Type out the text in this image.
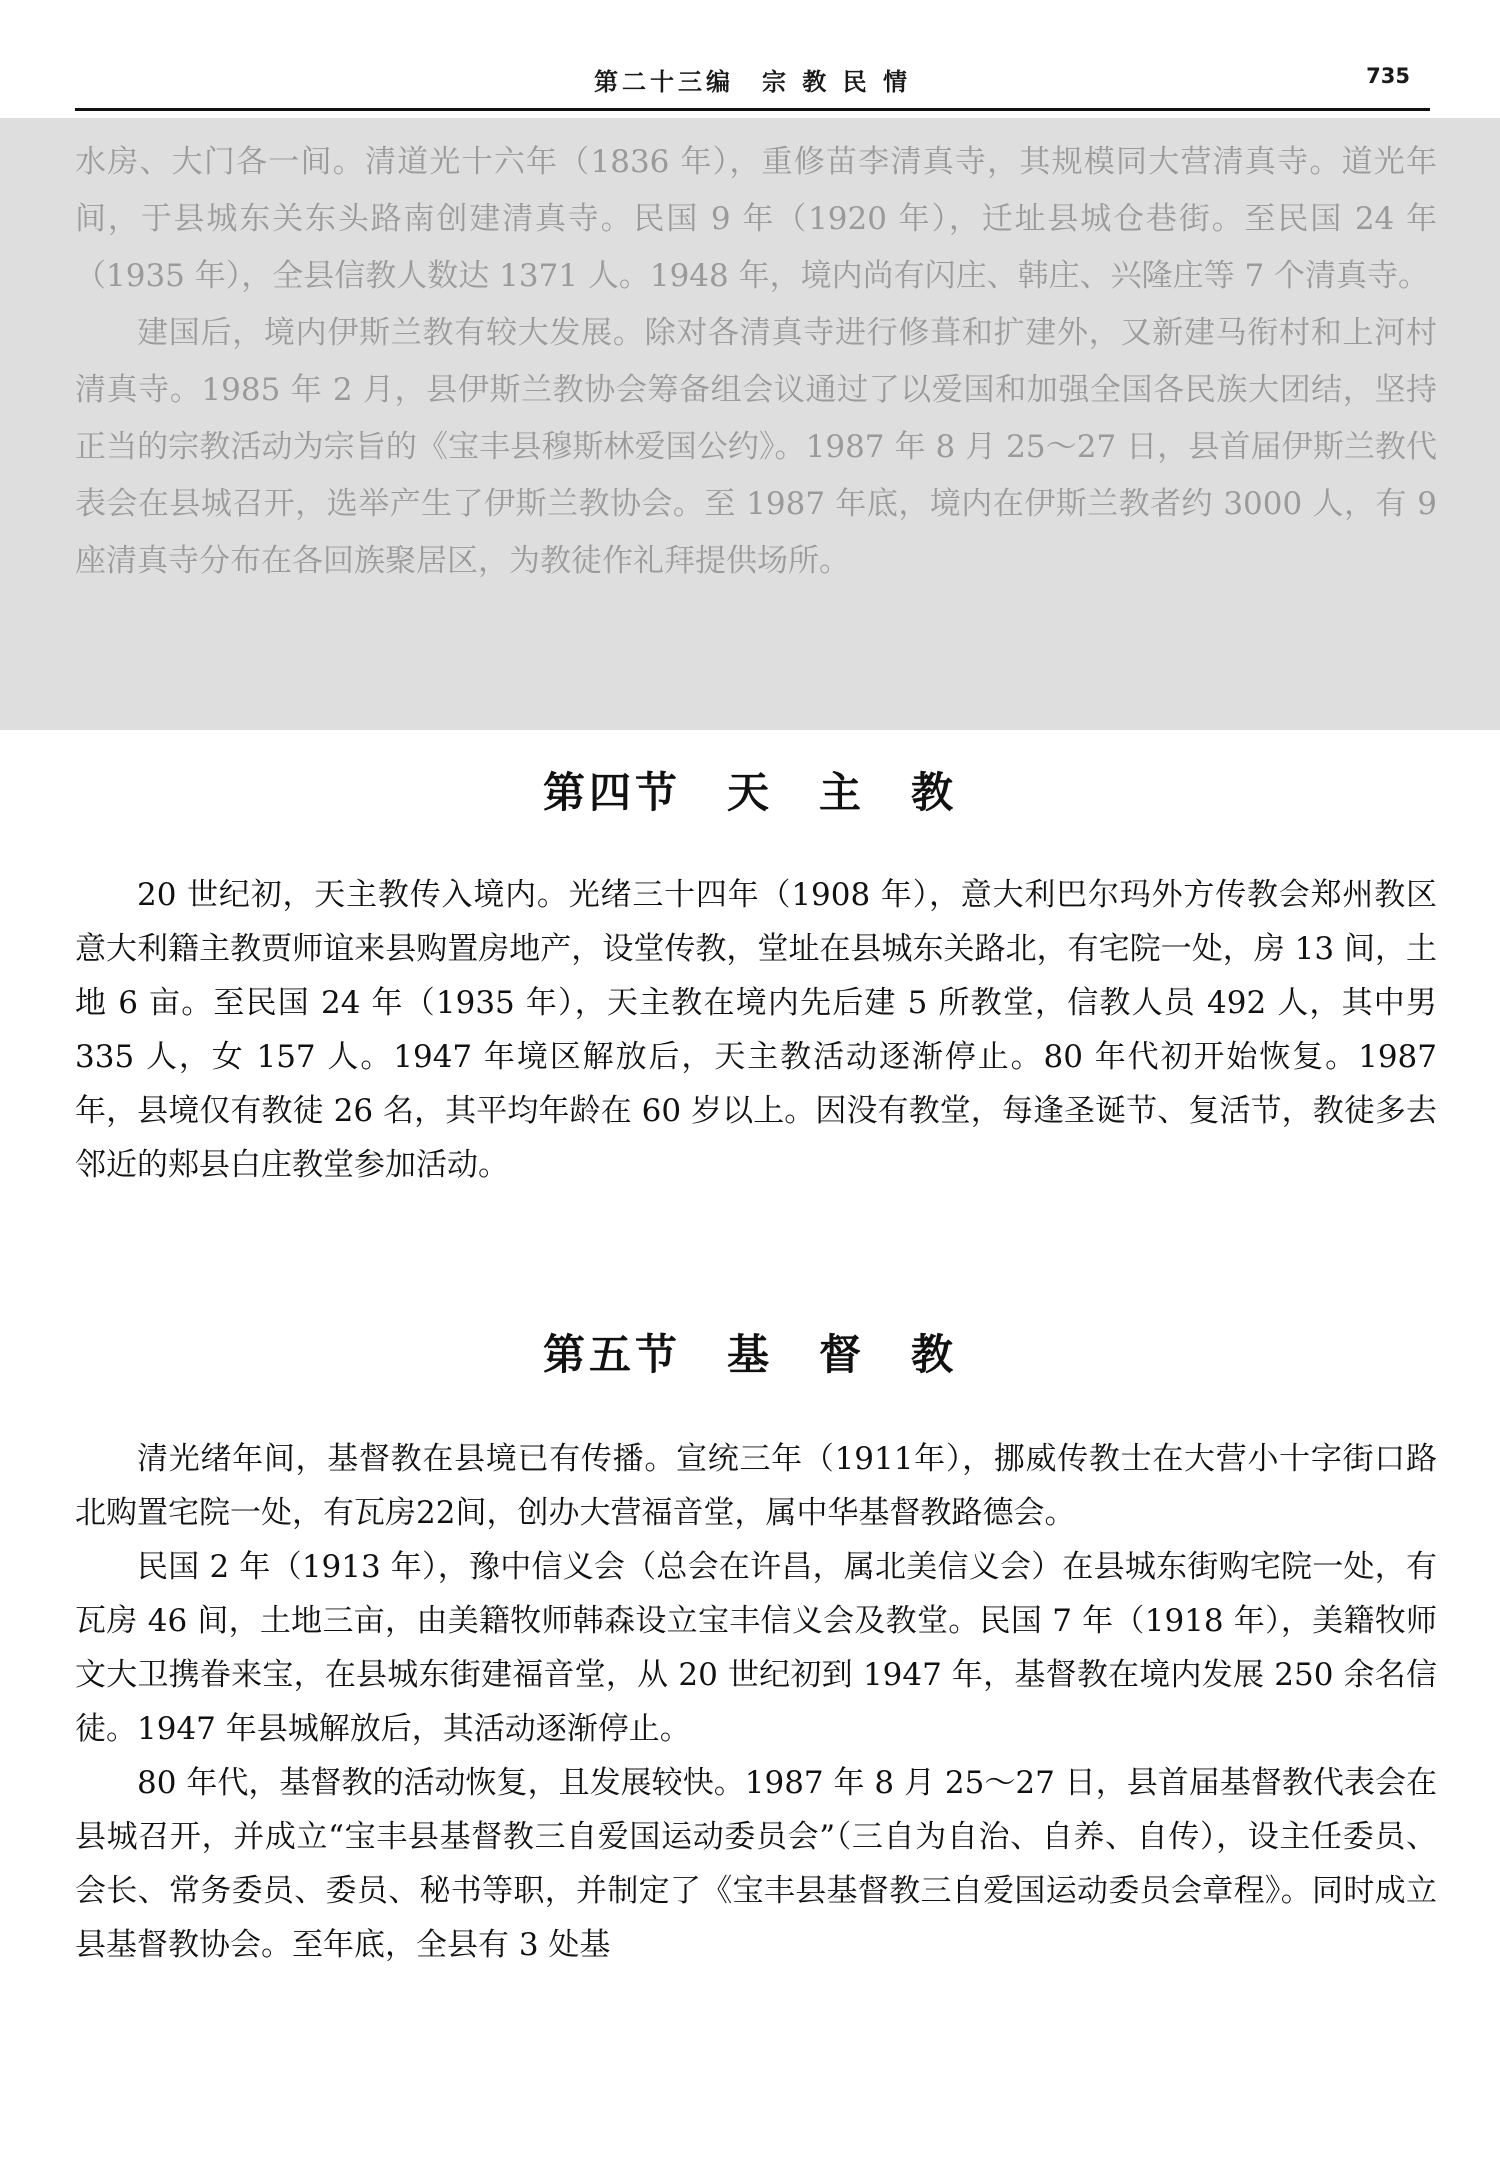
第二十三编　宗 教 民 情	735

水房、大门各一间。清道光十六年（1836 年），重修苗李清真寺，其规模同大营清真寺。道光年间，于县城东关东头路南创建清真寺。民国 9 年（1920 年），迁址县城仓巷街。至民国 24 年（1935 年），全县信教人数达 1371 人。1948 年，境内尚有闪庄、韩庄、兴隆庄等 7 个清真寺。

建国后，境内伊斯兰教有较大发展。除对各清真寺进行修葺和扩建外，又新建马衔村和上河村清真寺。1985 年 2 月，县伊斯兰教协会筹备组会议通过了以爱国和加强全国各民族大团结，坚持正当的宗教活动为宗旨的《宝丰县穆斯林爱国公约》。1987 年 8 月 25～27 日，县首届伊斯兰教代表会在县城召开，选举产生了伊斯兰教协会。至 1987 年底，境内在伊斯兰教者约 3000 人，有 9 座清真寺分布在各回族聚居区，为教徒作礼拜提供场所。

第四节 天 主 教

20 世纪初，天主教传入境内。光绪三十四年（1908 年），意大利巴尔玛外方传教会郑州教区意大利籍主教贾师谊来县购置房地产，设堂传教，堂址在县城东关路北，有宅院一处，房 13 间，土地 6 亩。至民国 24 年（1935 年），天主教在境内先后建 5 所教堂，信教人员 492 人，其中男 335 人，女 157 人。1947 年境区解放后，天主教活动逐渐停止。80 年代初开始恢复。1987 年，县境仅有教徒 26 名，其平均年龄在 60 岁以上。因没有教堂，每逢圣诞节、复活节，教徒多去邻近的郏县白庄教堂参加活动。

第五节 基 督 教

清光绪年间，基督教在县境已有传播。宣统三年（1911年），挪威传教士在大营小十字街口路北购置宅院一处，有瓦房22间，创办大营福音堂，属中华基督教路德会。

民国 2 年（1913 年），豫中信义会（总会在许昌，属北美信义会）在县城东街购宅院一处，有瓦房 46 间，土地三亩，由美籍牧师韩森设立宝丰信义会及教堂。民国 7 年（1918 年），美籍牧师文大卫携眷来宝，在县城东街建福音堂，从 20 世纪初到 1947 年，基督教在境内发展 250 余名信徒。1947 年县城解放后，其活动逐渐停止。

80 年代，基督教的活动恢复，且发展较快。1987 年 8 月 25～27 日，县首届基督教代表会在县城召开，并成立“宝丰县基督教三自爱国运动委员会”（三自为自治、自养、自传），设主任委员、会长、常务委员、委员、秘书等职，并制定了《宝丰县基督教三自爱国运动委员会章程》。同时成立县基督教协会。至年底，全县有 3 处基
